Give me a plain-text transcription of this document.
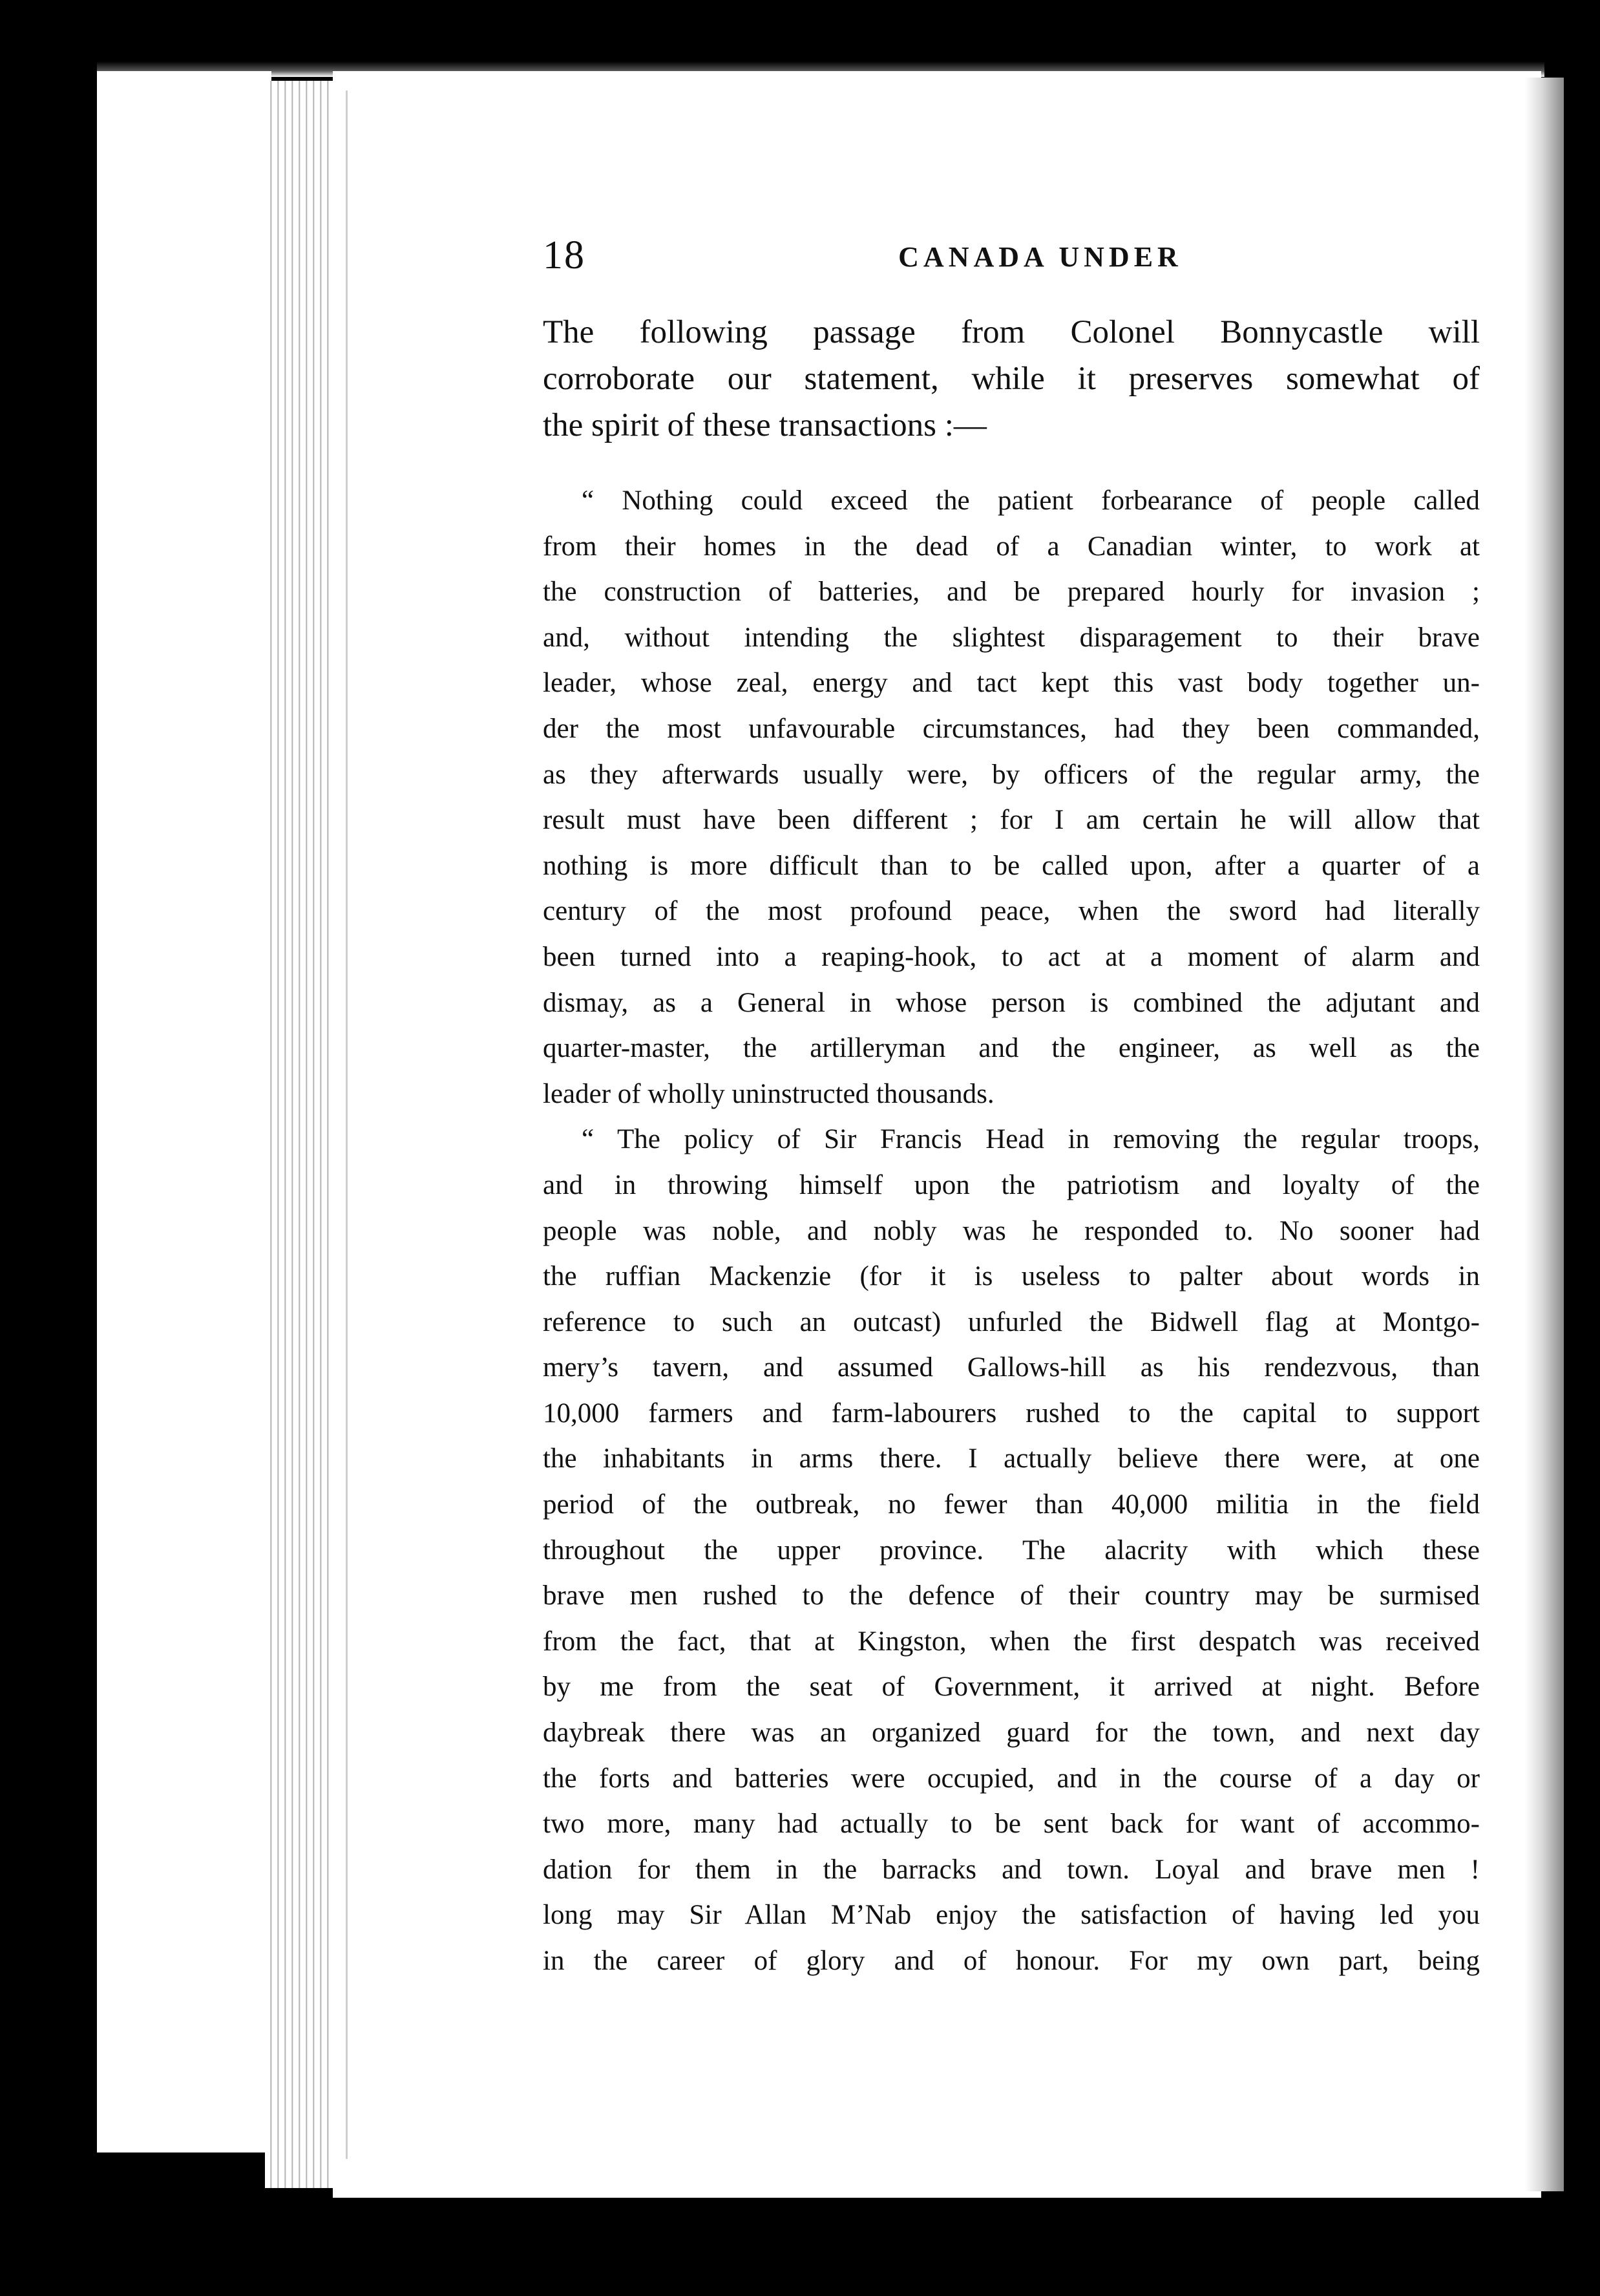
18	CANADA UNDER
The following passage from Colonel Bonnycastle will
corroborate our statement, while it preserves somewhat of
the spirit of these transactions :—
“ Nothing could exceed the patient forbearance of people called
from their homes in the dead of a Canadian winter, to work at
the construction of batteries, and be prepared hourly for invasion ;
and, without intending the slightest disparagement to their brave
leader, whose zeal, energy and tact kept this vast body together un-
der the most unfavourable circumstances, had they been commanded,
as they afterwards usually were, by officers of the regular army, the
result must have been different ; for I am certain he will allow that
nothing is more difficult than to be called upon, after a quarter of a
century of the most profound peace, when the sword had literally
been turned into a reaping-hook, to act at a moment of alarm and
dismay, as a General in whose person is combined the adjutant and
quarter-master, the artilleryman and the engineer, as well as the
leader of wholly uninstructed thousands.
“ The policy of Sir Francis Head in removing the regular troops,
and in throwing himself upon the patriotism and loyalty of the
people was noble, and nobly was he responded to. No sooner had
the ruffian Mackenzie (for it is useless to palter about words in
reference to such an outcast) unfurled the Bidwell flag at Montgo-
mery’s tavern, and assumed Gallows-hill as his rendezvous, than
10,000 farmers and farm-labourers rushed to the capital to support
the inhabitants in arms there. I actually believe there were, at one
period of the outbreak, no fewer than 40,000 militia in the field
throughout the upper province. The alacrity with which these
brave men rushed to the defence of their country may be surmised
from the fact, that at Kingston, when the first despatch was received
by me from the seat of Government, it arrived at night. Before
daybreak there was an organized guard for the town, and next day
the forts and batteries were occupied, and in the course of a day or
two more, many had actually to be sent back for want of accommo-
dation for them in the barracks and town. Loyal and brave men !
long may Sir Allan M’Nab enjoy the satisfaction of having led you
in the career of glory and of honour. For my own part, being
